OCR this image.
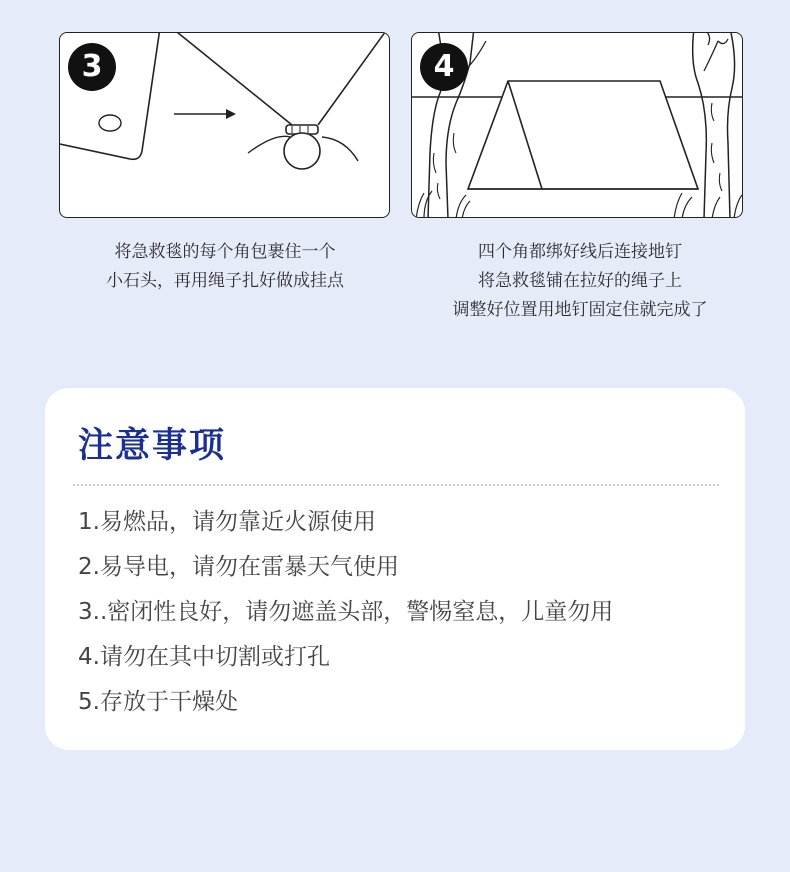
3	4
将急救毯的每个角包裹住一个
小石头，再用绳子扎好做成挂点
四个角都绑好线后连接地钉
将急救毯铺在拉好的绳子上
调整好位置用地钉固定住就完成了
注意事项
1.易燃品，请勿靠近火源使用
2.易导电，请勿在雷暴天气使用
3..密闭性良好，请勿遮盖头部，警惕窒息，儿童勿用
4.请勿在其中切割或打孔
5.存放于干燥处
